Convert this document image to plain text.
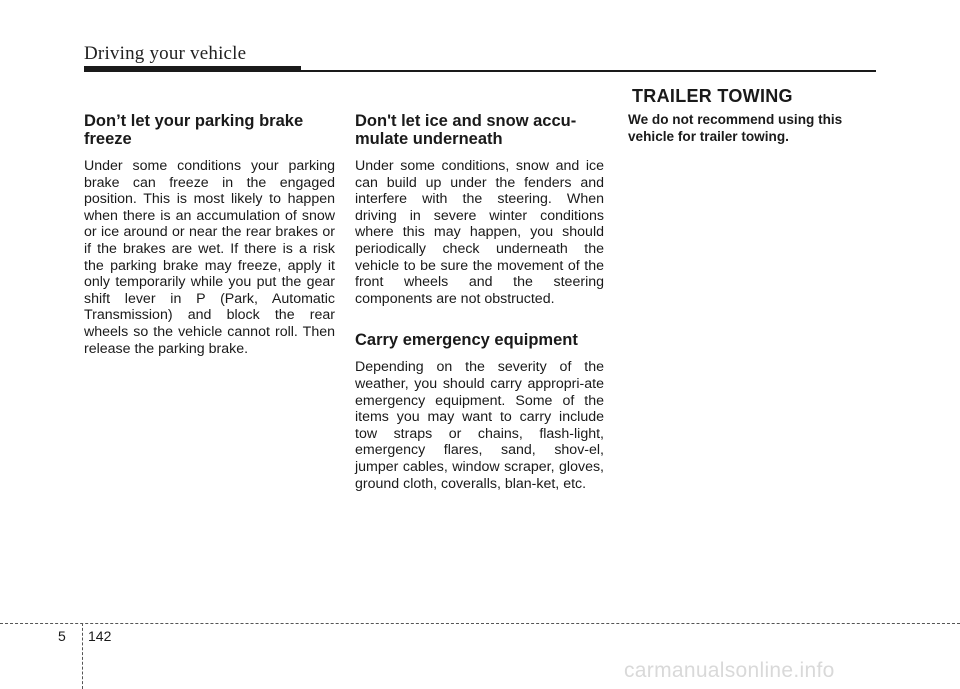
Driving your vehicle
Don’t let your parking brake freeze

Under some conditions your parking brake can freeze in the engaged position. This is most likely to happen when there is an accumulation of snow or ice around or near the rear brakes or if the brakes are wet. If there is a risk the parking brake may freeze, apply it only temporarily while you put the gear shift lever in P (Park, Automatic Transmission) and block the rear wheels so the vehicle cannot roll. Then release the parking brake.

Don't let ice and snow accu-mulate underneath

Under some conditions, snow and ice can build up under the fenders and interfere with the steering. When driving in severe winter conditions where this may happen, you should periodically check underneath the vehicle to be sure the movement of the front wheels and the steering components are not obstructed.

Carry emergency equipment

Depending on the severity of the weather, you should carry appropri-ate emergency equipment. Some of the items you may want to carry include tow straps or chains, flash-light, emergency flares, sand, shov-el, jumper cables, window scraper, gloves, ground cloth, coveralls, blan-ket, etc.

TRAILER TOWING

We do not recommend using this vehicle for trailer towing.

5 142
carmanualsonline.info
